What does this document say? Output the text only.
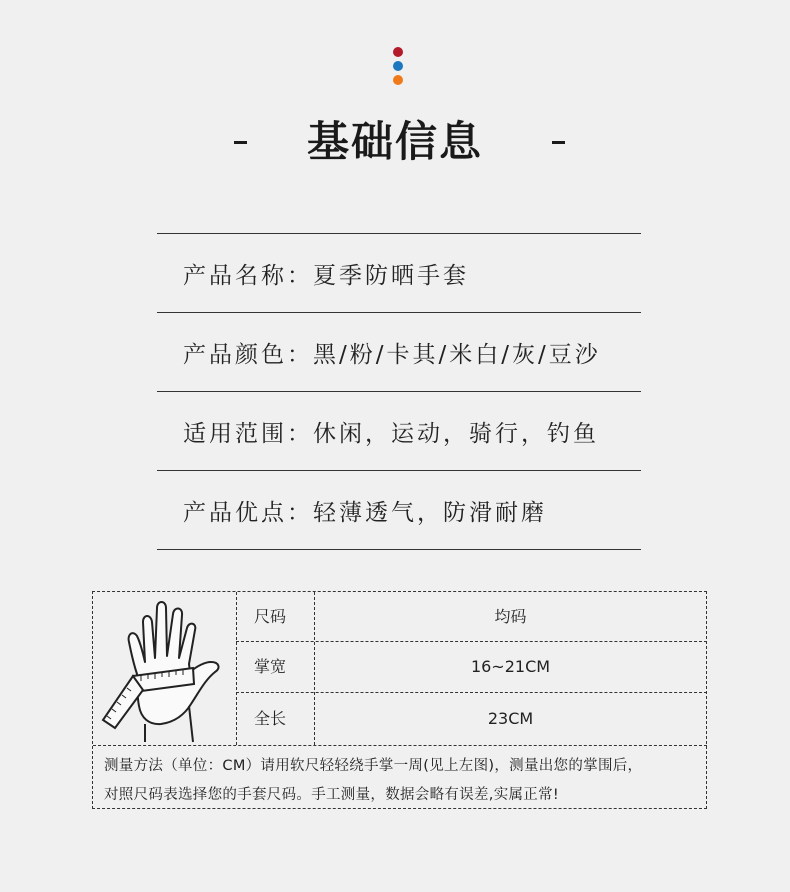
基础信息
产品名称 ： 夏季防晒手套
产品颜色 ： 黑/粉/卡其/米白/灰/豆沙
适用范围 ： 休闲，运动，骑行，钓鱼
产品优点 ： 轻薄透气，防滑耐磨
尺码
掌宽
全长
均码
16~21CM
23CM
测量方法（单位：CM）请用软尺轻轻绕手掌一周(见上左图)，测量出您的掌围后，
对照尺码表选择您的手套尺码。手工测量，数据会略有误差,实属正常!
